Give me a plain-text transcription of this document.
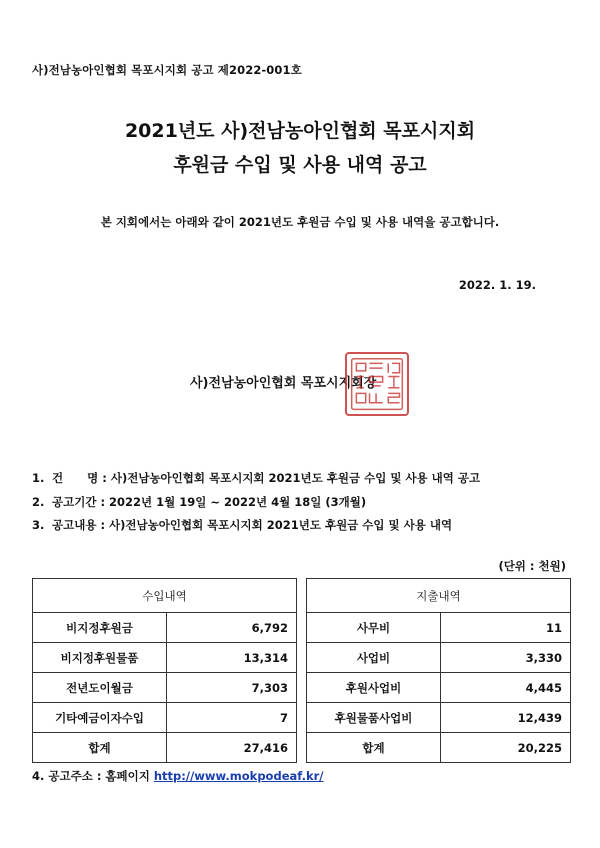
사)전남농아인협회 목포시지회 공고 제2022-001호
2021년도 사)전남농아인협회 목포시지회
후원금 수입 및 사용 내역 공고
본 지회에서는 아래와 같이 2021년도 후원금 수입 및 사용 내역을 공고합니다.
2022. 1. 19.
사)전남농아인협회 목포시지회장
1. 건      명 : 사)전남농아인협회 목포시지회 2021년도 후원금 수입 및 사용 내역 공고
2. 공고기간 : 2022년 1월 19일 ~ 2022년 4월 18일 (3개월)
3. 공고내용 : 사)전남농아인협회 목포시지회 2021년도 후원금 수입 및 사용 내역
(단위 : 천원)
수입내역			지출내역	
비지정후원금	6,792		사무비	11
비지정후원물품	13,314		사업비	3,330
전년도이월금	7,303		후원사업비	4,445
기타예금이자수입	7		후원물품사업비	12,439
합계	27,416		합계	20,225
4. 공고주소 : 홈페이지 http://www.mokpodeaf.kr/
